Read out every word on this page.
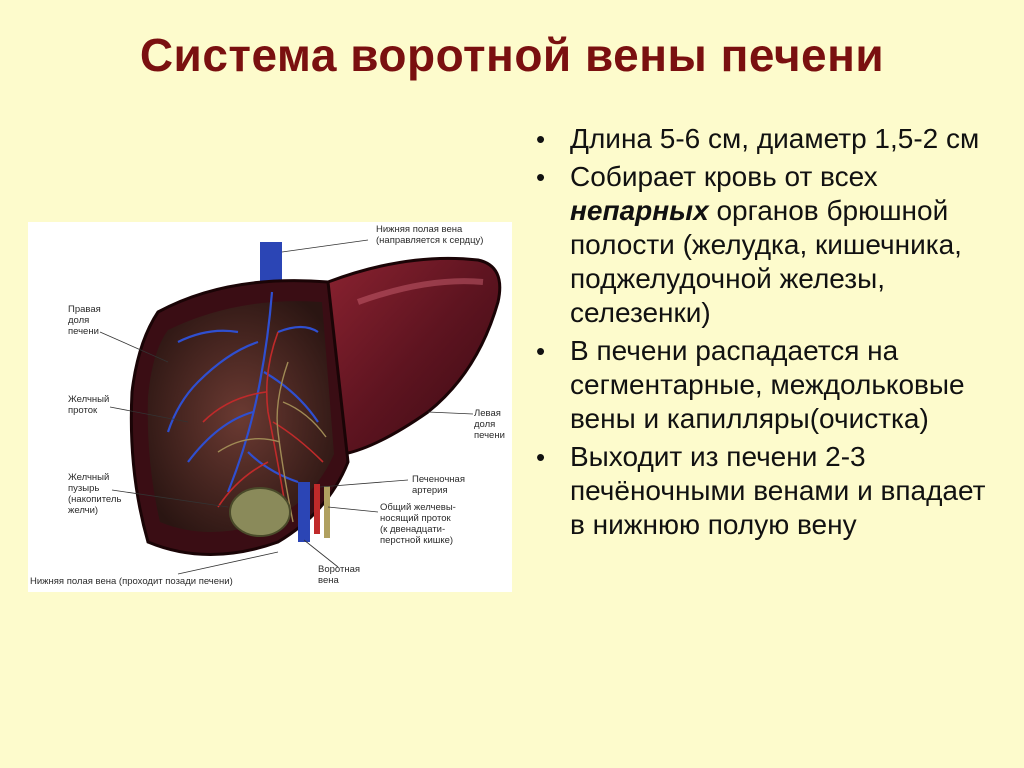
Система воротной вены печени
Нижняя полая вена
(направляется к сердцу)
Правая
доля
печени
Желчный
проток
Желчный
пузырь
(накопитель
желчи)
Левая
доля
печени
Печеночная
артерия
Общий желчевы-
носящий проток
(к двенадцати-
перстной кишке)
Воротная
вена
Нижняя полая вена (проходит позади печени)
• Длина 5-6 см, диаметр 1,5-2 см
• Собирает кровь от всех непарных органов брюшной полости (желудка, кишечника, поджелудочной железы, селезенки)
• В печени распадается на сегментарные, междольковые вены и капилляры(очистка)
• Выходит из печени 2-3 печёночными венами и впадает в нижнюю полую вену
